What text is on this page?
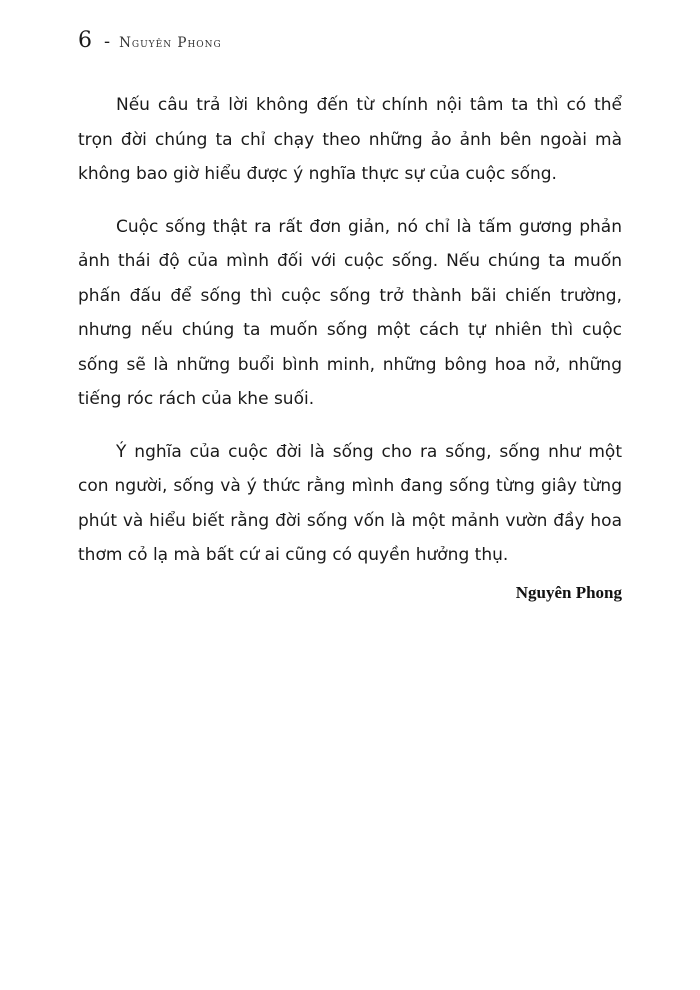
6 - Nguyên Phong

Nếu câu trả lời không đến từ chính nội tâm ta thì có thể trọn đời chúng ta chỉ chạy theo những ảo ảnh bên ngoài mà không bao giờ hiểu được ý nghĩa thực sự của cuộc sống.

Cuộc sống thật ra rất đơn giản, nó chỉ là tấm gương phản ảnh thái độ của mình đối với cuộc sống. Nếu chúng ta muốn phấn đấu để sống thì cuộc sống trở thành bãi chiến trường, nhưng nếu chúng ta muốn sống một cách tự nhiên thì cuộc sống sẽ là những buổi bình minh, những bông hoa nở, những tiếng róc rách của khe suối.

Ý nghĩa của cuộc đời là sống cho ra sống, sống như một con người, sống và ý thức rằng mình đang sống từng giây từng phút và hiểu biết rằng đời sống vốn là một mảnh vườn đầy hoa thơm cỏ lạ mà bất cứ ai cũng có quyền hưởng thụ.

Nguyên Phong
